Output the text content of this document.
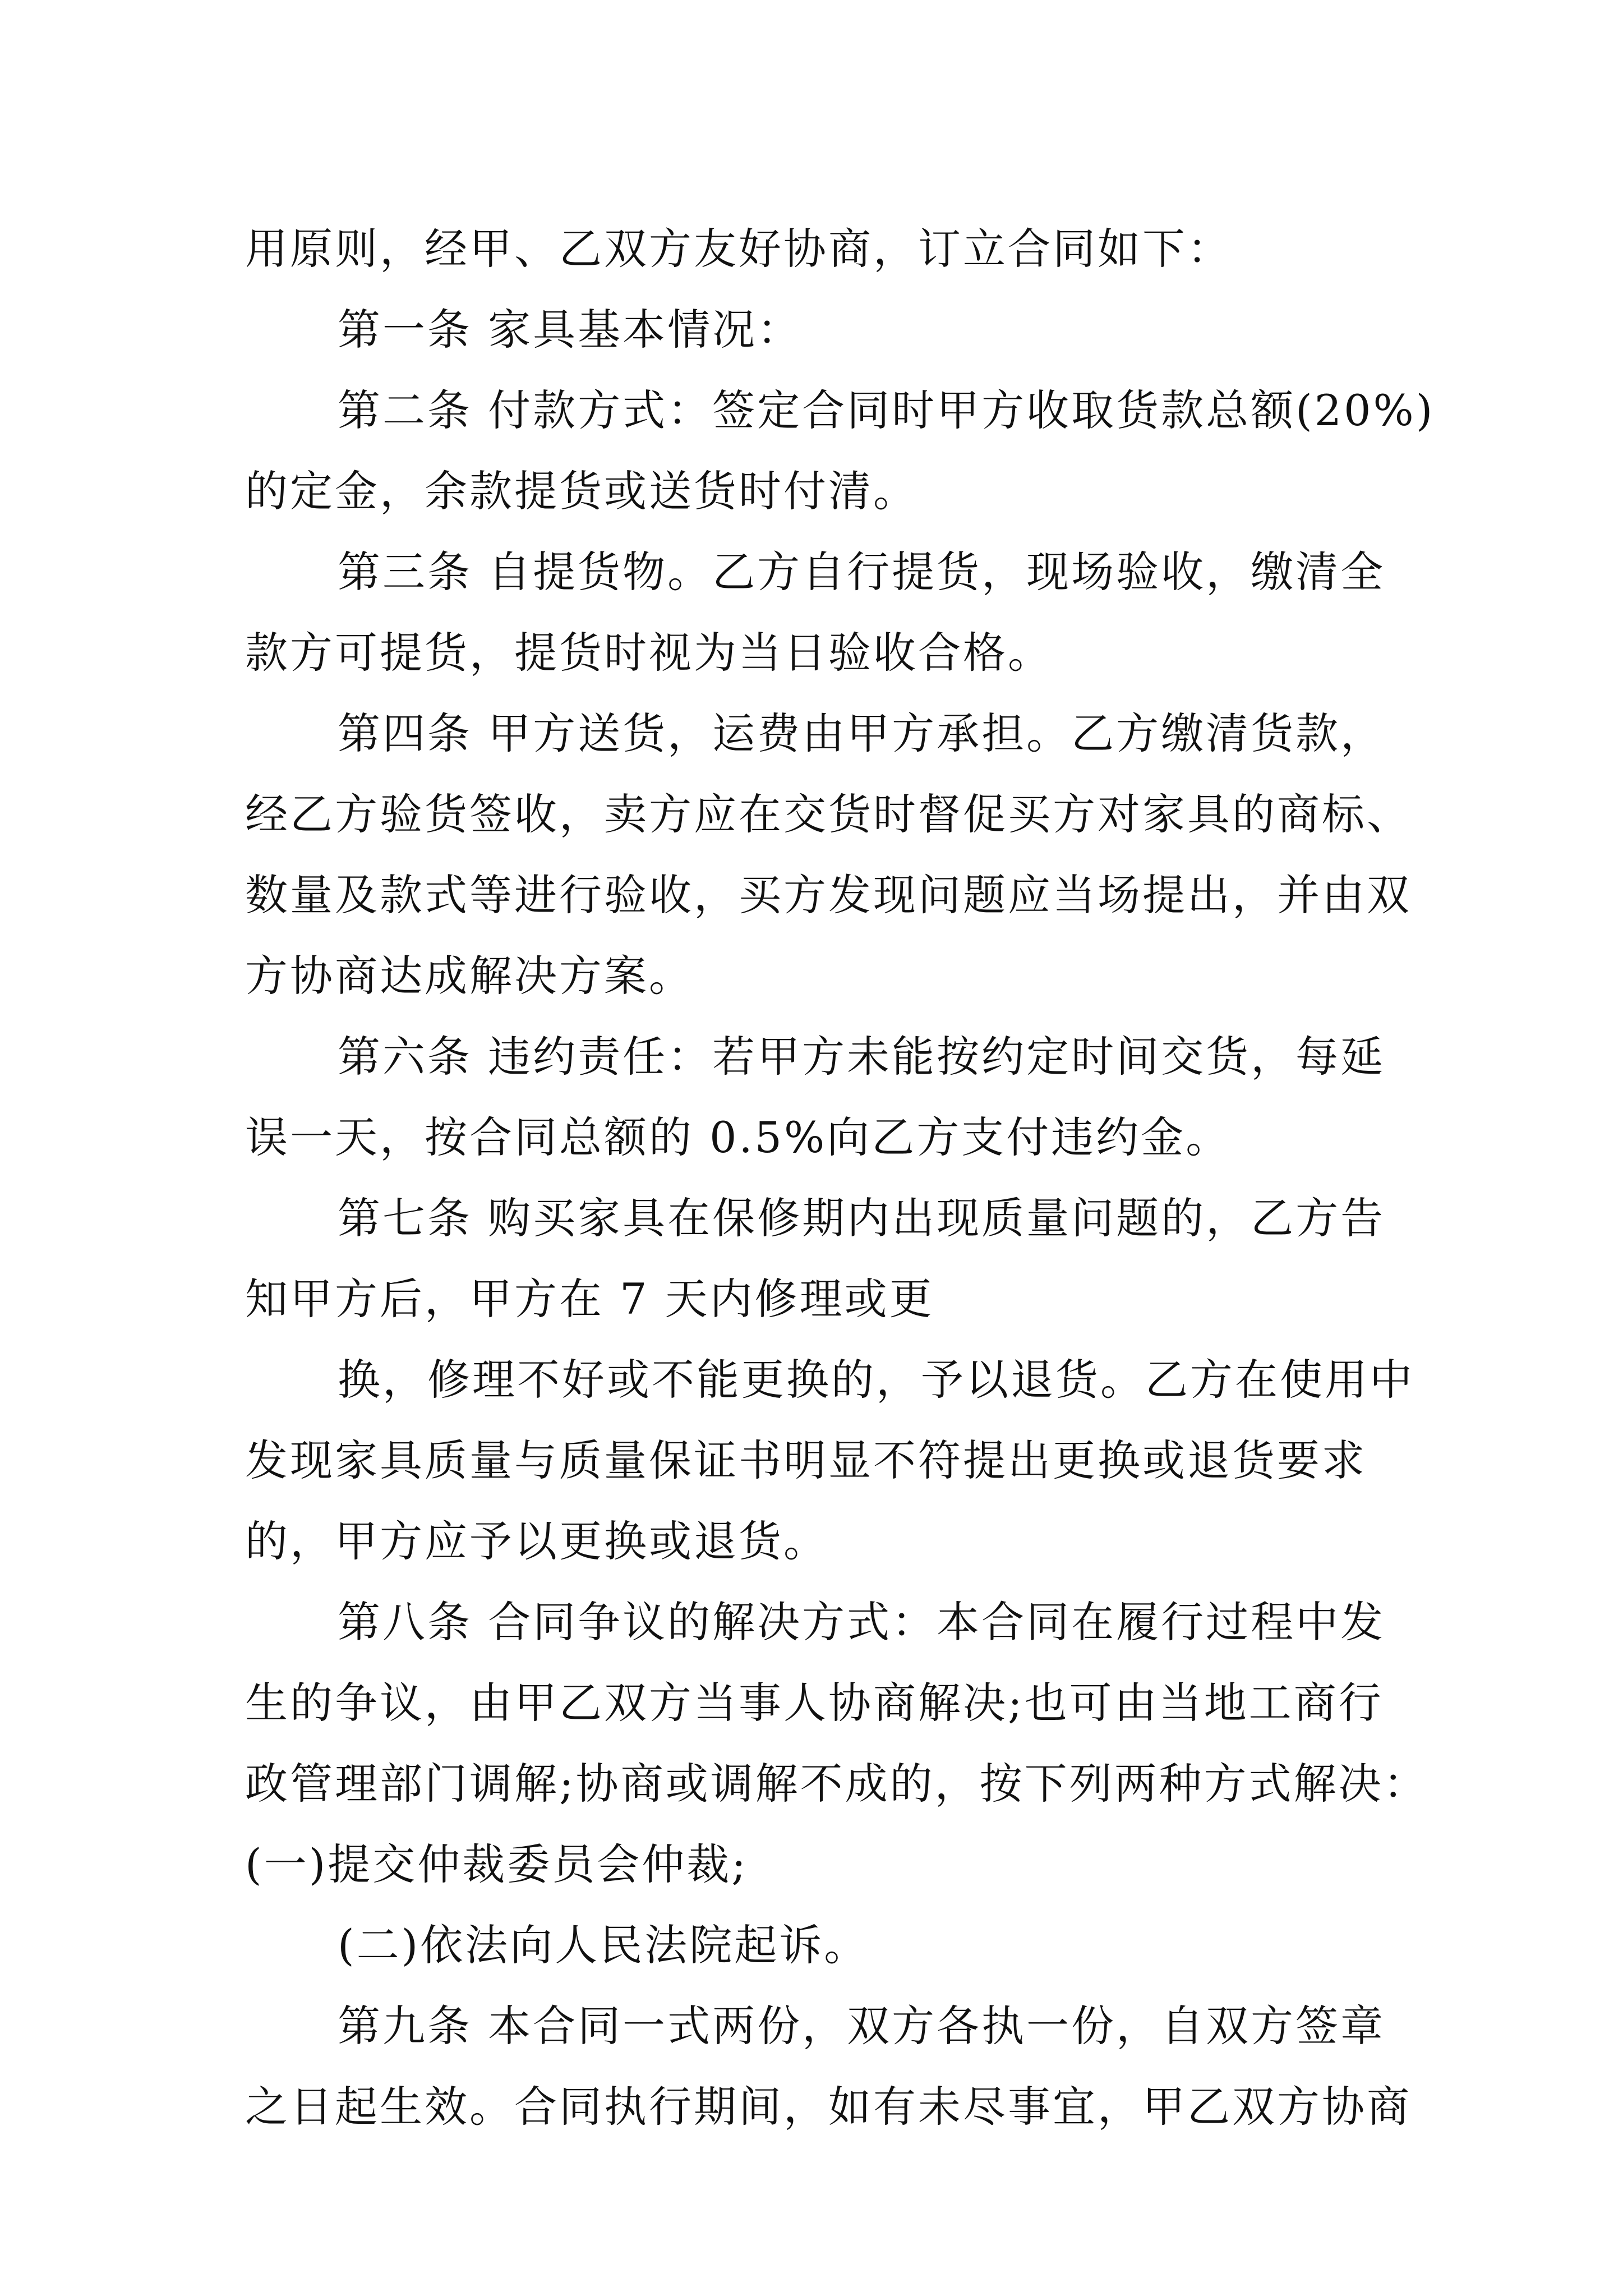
用原则，经甲、乙双方友好协商，订立合同如下：
第一条 家具基本情况：
第二条 付款方式：签定合同时甲方收取货款总额(20%)
的定金，余款提货或送货时付清。
第三条 自提货物。乙方自行提货，现场验收，缴清全
款方可提货，提货时视为当日验收合格。
第四条 甲方送货，运费由甲方承担。乙方缴清货款，
经乙方验货签收，卖方应在交货时督促买方对家具的商标、
数量及款式等进行验收，买方发现问题应当场提出，并由双
方协商达成解决方案。
第六条 违约责任：若甲方未能按约定时间交货，每延
误一天，按合同总额的 0.5%向乙方支付违约金。
第七条 购买家具在保修期内出现质量问题的，乙方告
知甲方后，甲方在 7 天内修理或更
换，修理不好或不能更换的，予以退货。乙方在使用中
发现家具质量与质量保证书明显不符提出更换或退货要求
的，甲方应予以更换或退货。
第八条 合同争议的解决方式：本合同在履行过程中发
生的争议，由甲乙双方当事人协商解决;也可由当地工商行
政管理部门调解;协商或调解不成的，按下列两种方式解决：
(一)提交仲裁委员会仲裁;
(二)依法向人民法院起诉。
第九条 本合同一式两份，双方各执一份，自双方签章
之日起生效。合同执行期间，如有未尽事宜，甲乙双方协商
